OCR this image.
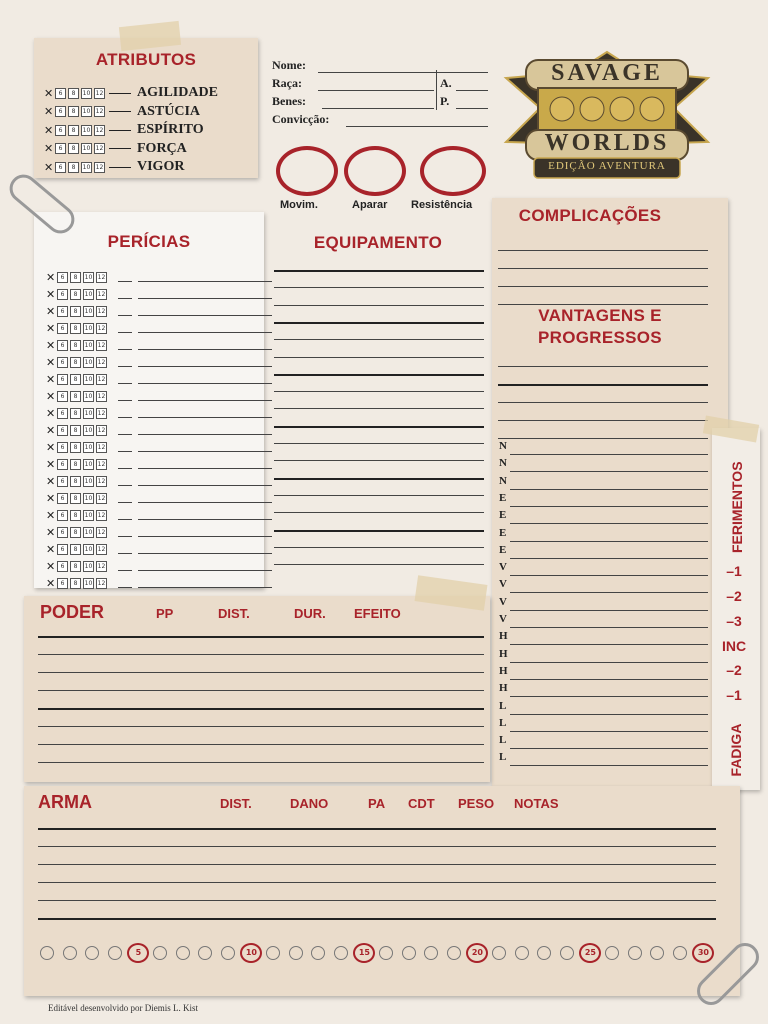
ATRIBUTOS
✕ 6	8	10 12 AGILIDADE
✕ 6	8	10 12 ASTÚCIA
✕ 6	8	10 12 ESPÍRITO
✕ 6	8	10 12 FORÇA
✕ 6	8	10 12 VIGOR
Nome:
Raça:	A.
Benes:	P.
Convicção:
SAVAGE
WORLDS
EDIÇÃO AVENTURA
Movim.	Aparar Resistência
PERÍCIAS
✕ 6	8	10 12
✕ 6	8	10 12
✕ 6	8	10 12
✕ 6	8	10 12
✕ 6	8	10 12
✕ 6	8	10 12
✕ 6	8	10 12
✕ 6	8	10 12
✕ 6	8	10 12
✕ 6	8	10 12
✕ 6	8	10 12
✕ 6	8	10 12
✕ 6	8	10 12
✕ 6	8	10 12
✕ 6	8	10 12
✕ 6	8	10 12
✕ 6	8	10 12
✕ 6	8	10 12
✕ 6	8	10 12
EQUIPAMENTO
COMPLICAÇÕES
VANTAGENS E
PROGRESSOS
N
N
N
E
E
E
E
V
V
V
V
H
H
H
H
L
L
L
L
FERIMENTOS
–1
–2
–3
INC
–2
–1
FADIGA
PODER	PP	DIST.	DUR. EFEITO
ARMA	DIST.	DANO	PA CDT PESO NOTAS
5	10	15	20	25	30
Editável desenvolvido por Diemis L. Kist
